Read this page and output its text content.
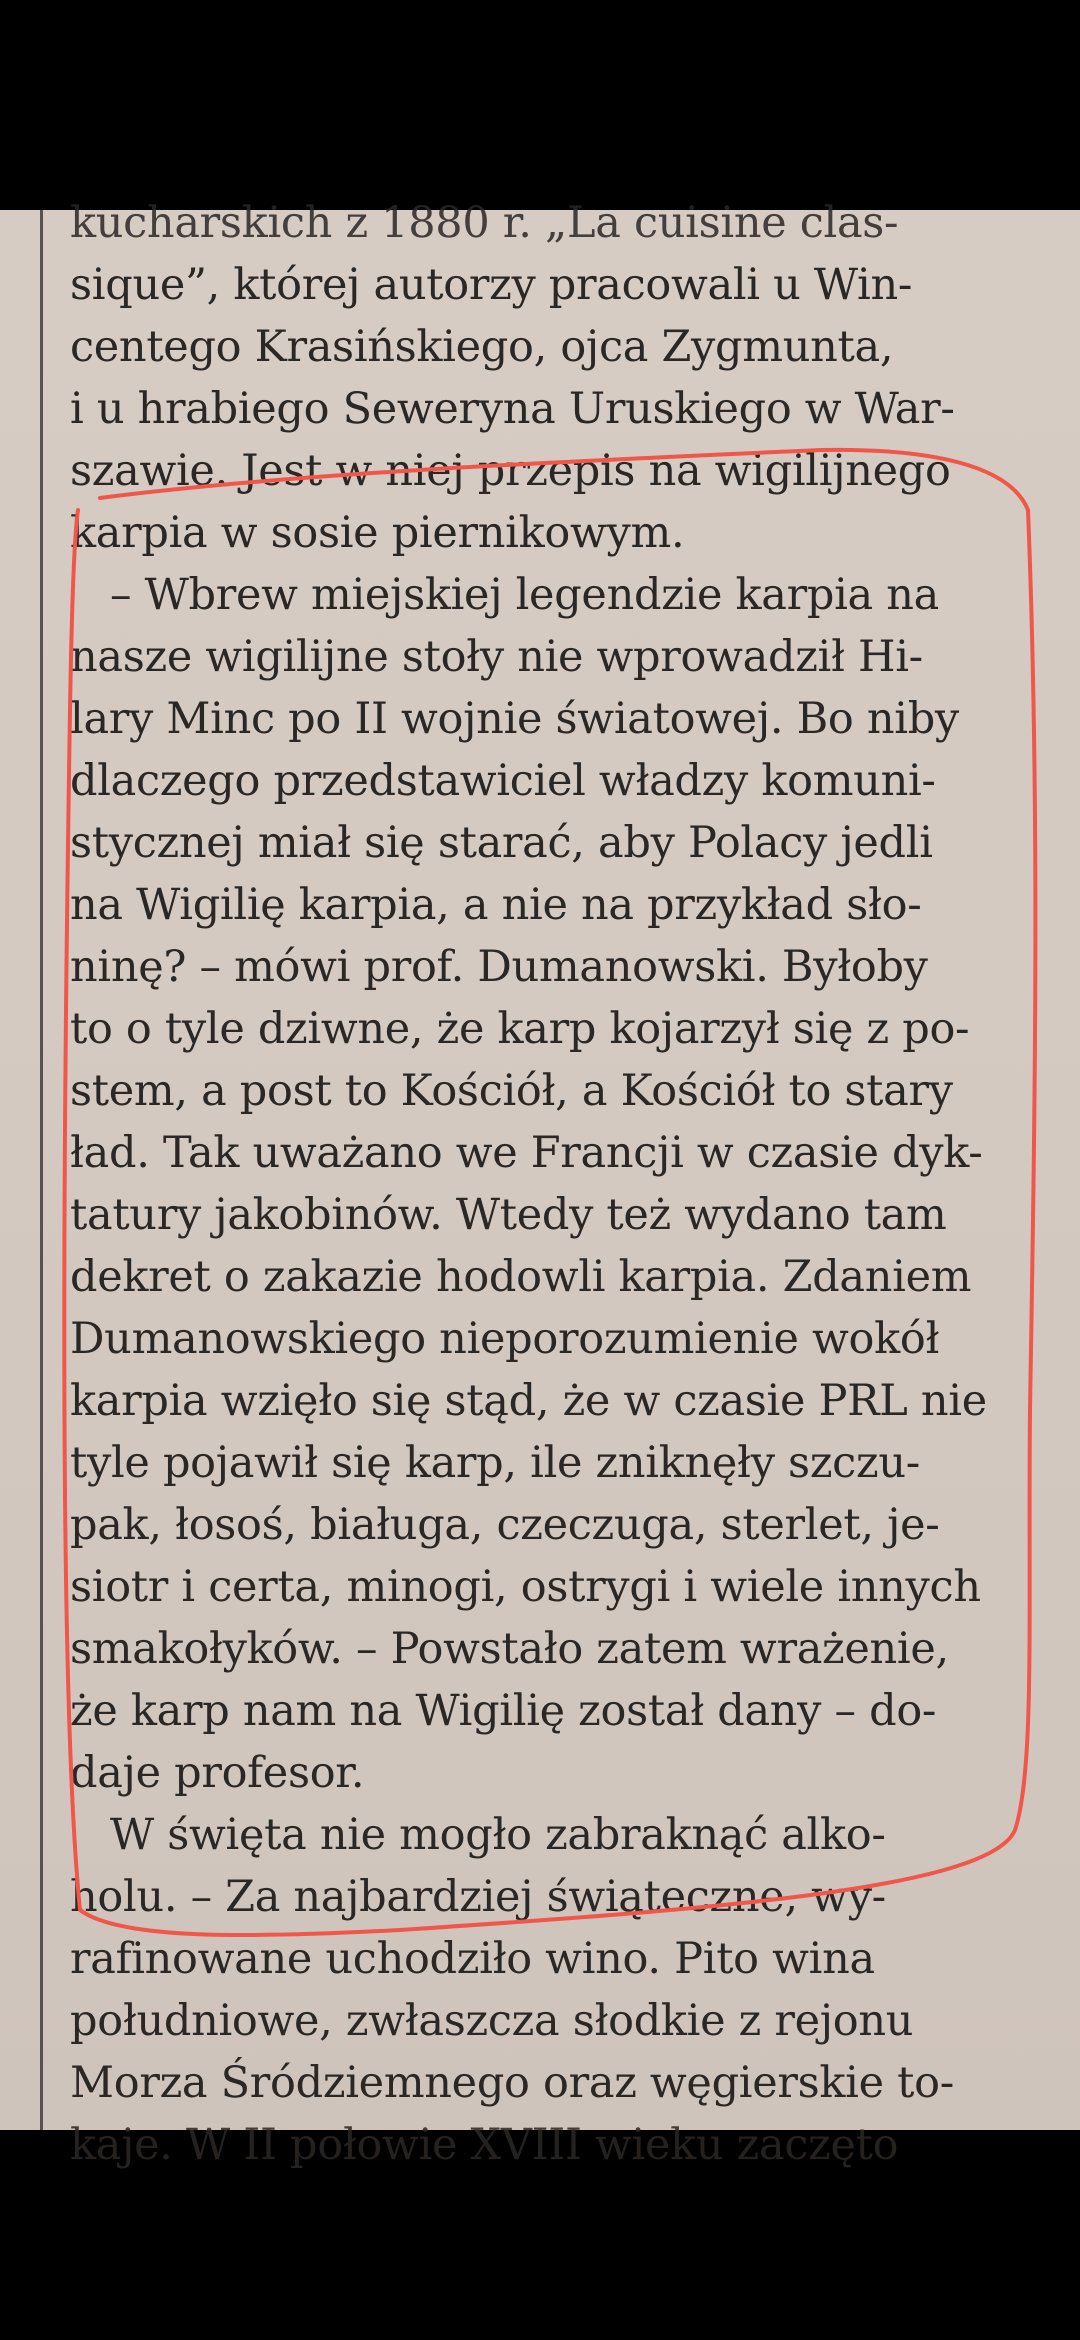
kucharskich z 1880 r. „La cuisine clas-
sique”, której autorzy pracowali u Win-
centego Krasińskiego, ojca Zygmunta,
i u hrabiego Seweryna Uruskiego w War-
szawie. Jest w niej przepis na wigilijnego
karpia w sosie piernikowym.
– Wbrew miejskiej legendzie karpia na
nasze wigilijne stoły nie wprowadził Hi-
lary Minc po II wojnie światowej. Bo niby
dlaczego przedstawiciel władzy komuni-
stycznej miał się starać, aby Polacy jedli
na Wigilię karpia, a nie na przykład sło-
ninę? – mówi prof. Dumanowski. Byłoby
to o tyle dziwne, że karp kojarzył się z po-
stem, a post to Kościół, a Kościół to stary
ład. Tak uważano we Francji w czasie dyk-
tatury jakobinów. Wtedy też wydano tam
dekret o zakazie hodowli karpia. Zdaniem
Dumanowskiego nieporozumienie wokół
karpia wzięło się stąd, że w czasie PRL nie
tyle pojawił się karp, ile zniknęły szczu-
pak, łosoś, białuga, czeczuga, sterlet, je-
siotr i certa, minogi, ostrygi i wiele innych
smakołyków. – Powstało zatem wrażenie,
że karp nam na Wigilię został dany – do-
daje profesor.
W święta nie mogło zabraknąć alko-
holu. – Za najbardziej świąteczne, wy-
rafinowane uchodziło wino. Pito wina
południowe, zwłaszcza słodkie z rejonu
Morza Śródziemnego oraz węgierskie to-
kaje. W II połowie XVIII wieku zaczęto
